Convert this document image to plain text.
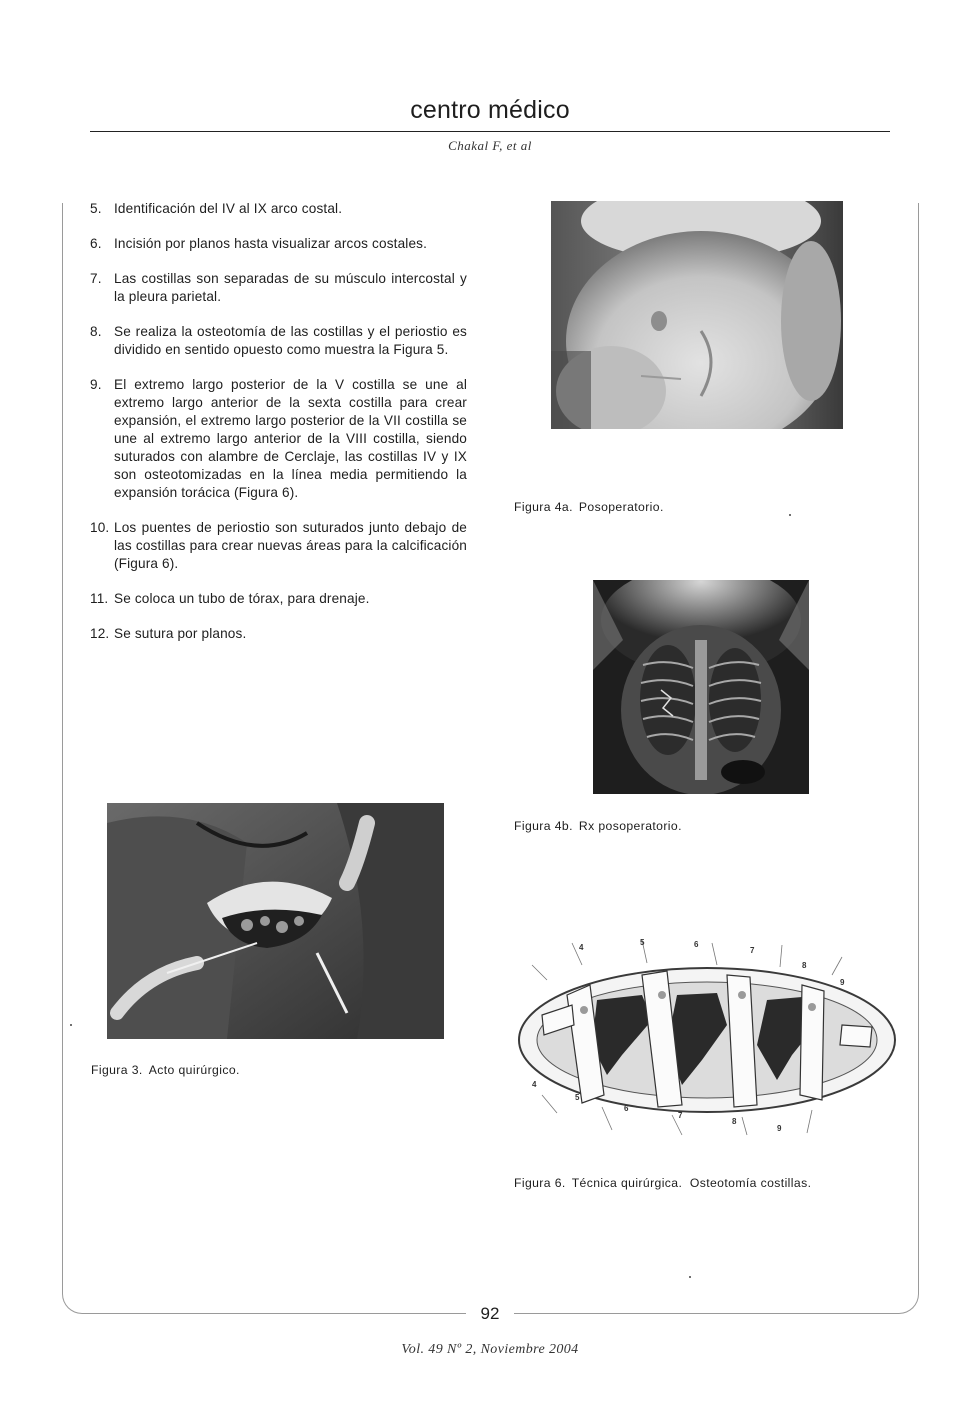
centro médico
Chakal F, et al
5. Identificación del IV al IX arco costal.
6. Incisión por planos hasta visualizar arcos costales.
7. Las costillas son separadas de su músculo intercostal y la pleura parietal.
8. Se realiza la osteotomía de las costillas y el periostio es dividido en sentido opuesto como muestra la Figura 5.
9. El extremo largo posterior de la V costilla se une al extremo largo anterior de la sexta costilla para crear expansión, el extremo largo posterior de la VII costilla se une al extremo largo anterior de la VIII costilla, siendo suturados con alambre de Cerclaje, las costillas IV y IX son osteotomizadas en la línea media permitiendo la expansión torácica (Figura 6).
10. Los puentes de periostio son suturados junto debajo de las costillas para crear nuevas áreas para la calcificación (Figura 6).
11. Se coloca un tubo de tórax, para drenaje.
12. Se sutura por planos.
Figura 4a. Posoperatorio.
Figura 4b. Rx posoperatorio.
Figura 3. Acto quirúrgico.
4
5	6
7
8
9
4
5
6
7
8
9
Figura 6. Técnica quirúrgica.  Osteotomía costillas.
92
Vol. 49 Nº 2, Noviembre 2004
